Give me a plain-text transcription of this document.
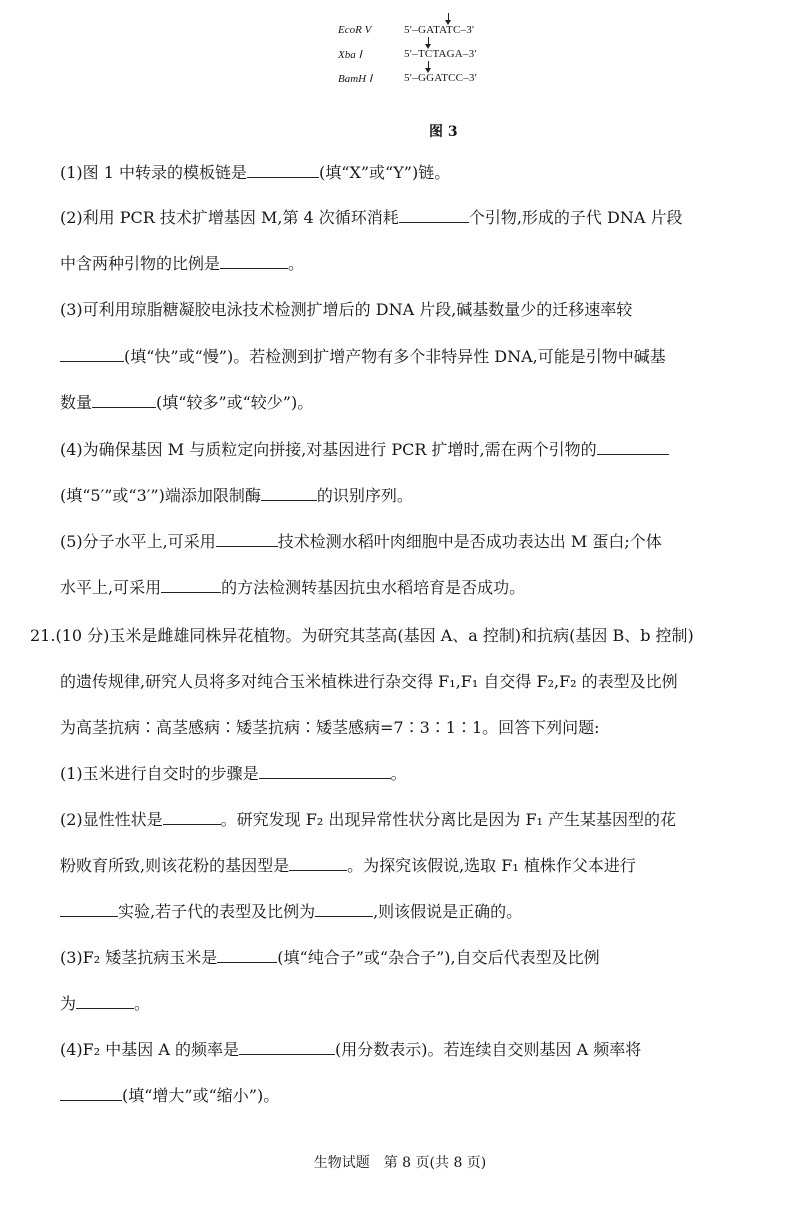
EcoR V	5′–GATATC–3′
Xba Ⅰ	5′–TCTAGA–3′
BamH Ⅰ	5′–GGATCC–3′
图 3
(1)图 1 中转录的模板链是	(填“X”或“Y”)链。
(2)利用 PCR 技术扩增基因 M,第 4 次循环消耗	个引物,形成的子代 DNA 片段
中含两种引物的比例是	。
(3)可利用琼脂糖凝胶电泳技术检测扩增后的 DNA 片段,碱基数量少的迁移速率较
(填“快”或“慢”)。若检测到扩增产物有多个非特异性 DNA,可能是引物中碱基
数量	(填“较多”或“较少”)。
(4)为确保基因 M 与质粒定向拼接,对基因进行 PCR 扩增时,需在两个引物的
(填“5′”或“3′”)端添加限制酶	的识别序列。
(5)分子水平上,可采用	技术检测水稻叶肉细胞中是否成功表达出 M 蛋白;个体
水平上,可采用	的方法检测转基因抗虫水稻培育是否成功。
21.(10 分)玉米是雌雄同株异花植物。为研究其茎高(基因 A、a 控制)和抗病(基因 B、b 控制)
的遗传规律,研究人员将多对纯合玉米植株进行杂交得 F₁,F₁ 自交得 F₂,F₂ 的表型及比例
为高茎抗病∶高茎感病∶矮茎抗病∶矮茎感病=7∶3∶1∶1。回答下列问题:
(1)玉米进行自交时的步骤是	。
(2)显性性状是	。研究发现 F₂ 出现异常性状分离比是因为 F₁ 产生某基因型的花
粉败育所致,则该花粉的基因型是	。为探究该假说,选取 F₁ 植株作父本进行
实验,若子代的表型及比例为	,则该假说是正确的。
(3)F₂ 矮茎抗病玉米是	(填“纯合子”或“杂合子”),自交后代表型及比例
为	。
(4)F₂ 中基因 A 的频率是	(用分数表示)。若连续自交则基因 A 频率将
(填“增大”或“缩小”)。
生物试题　第 8 页(共 8 页)
